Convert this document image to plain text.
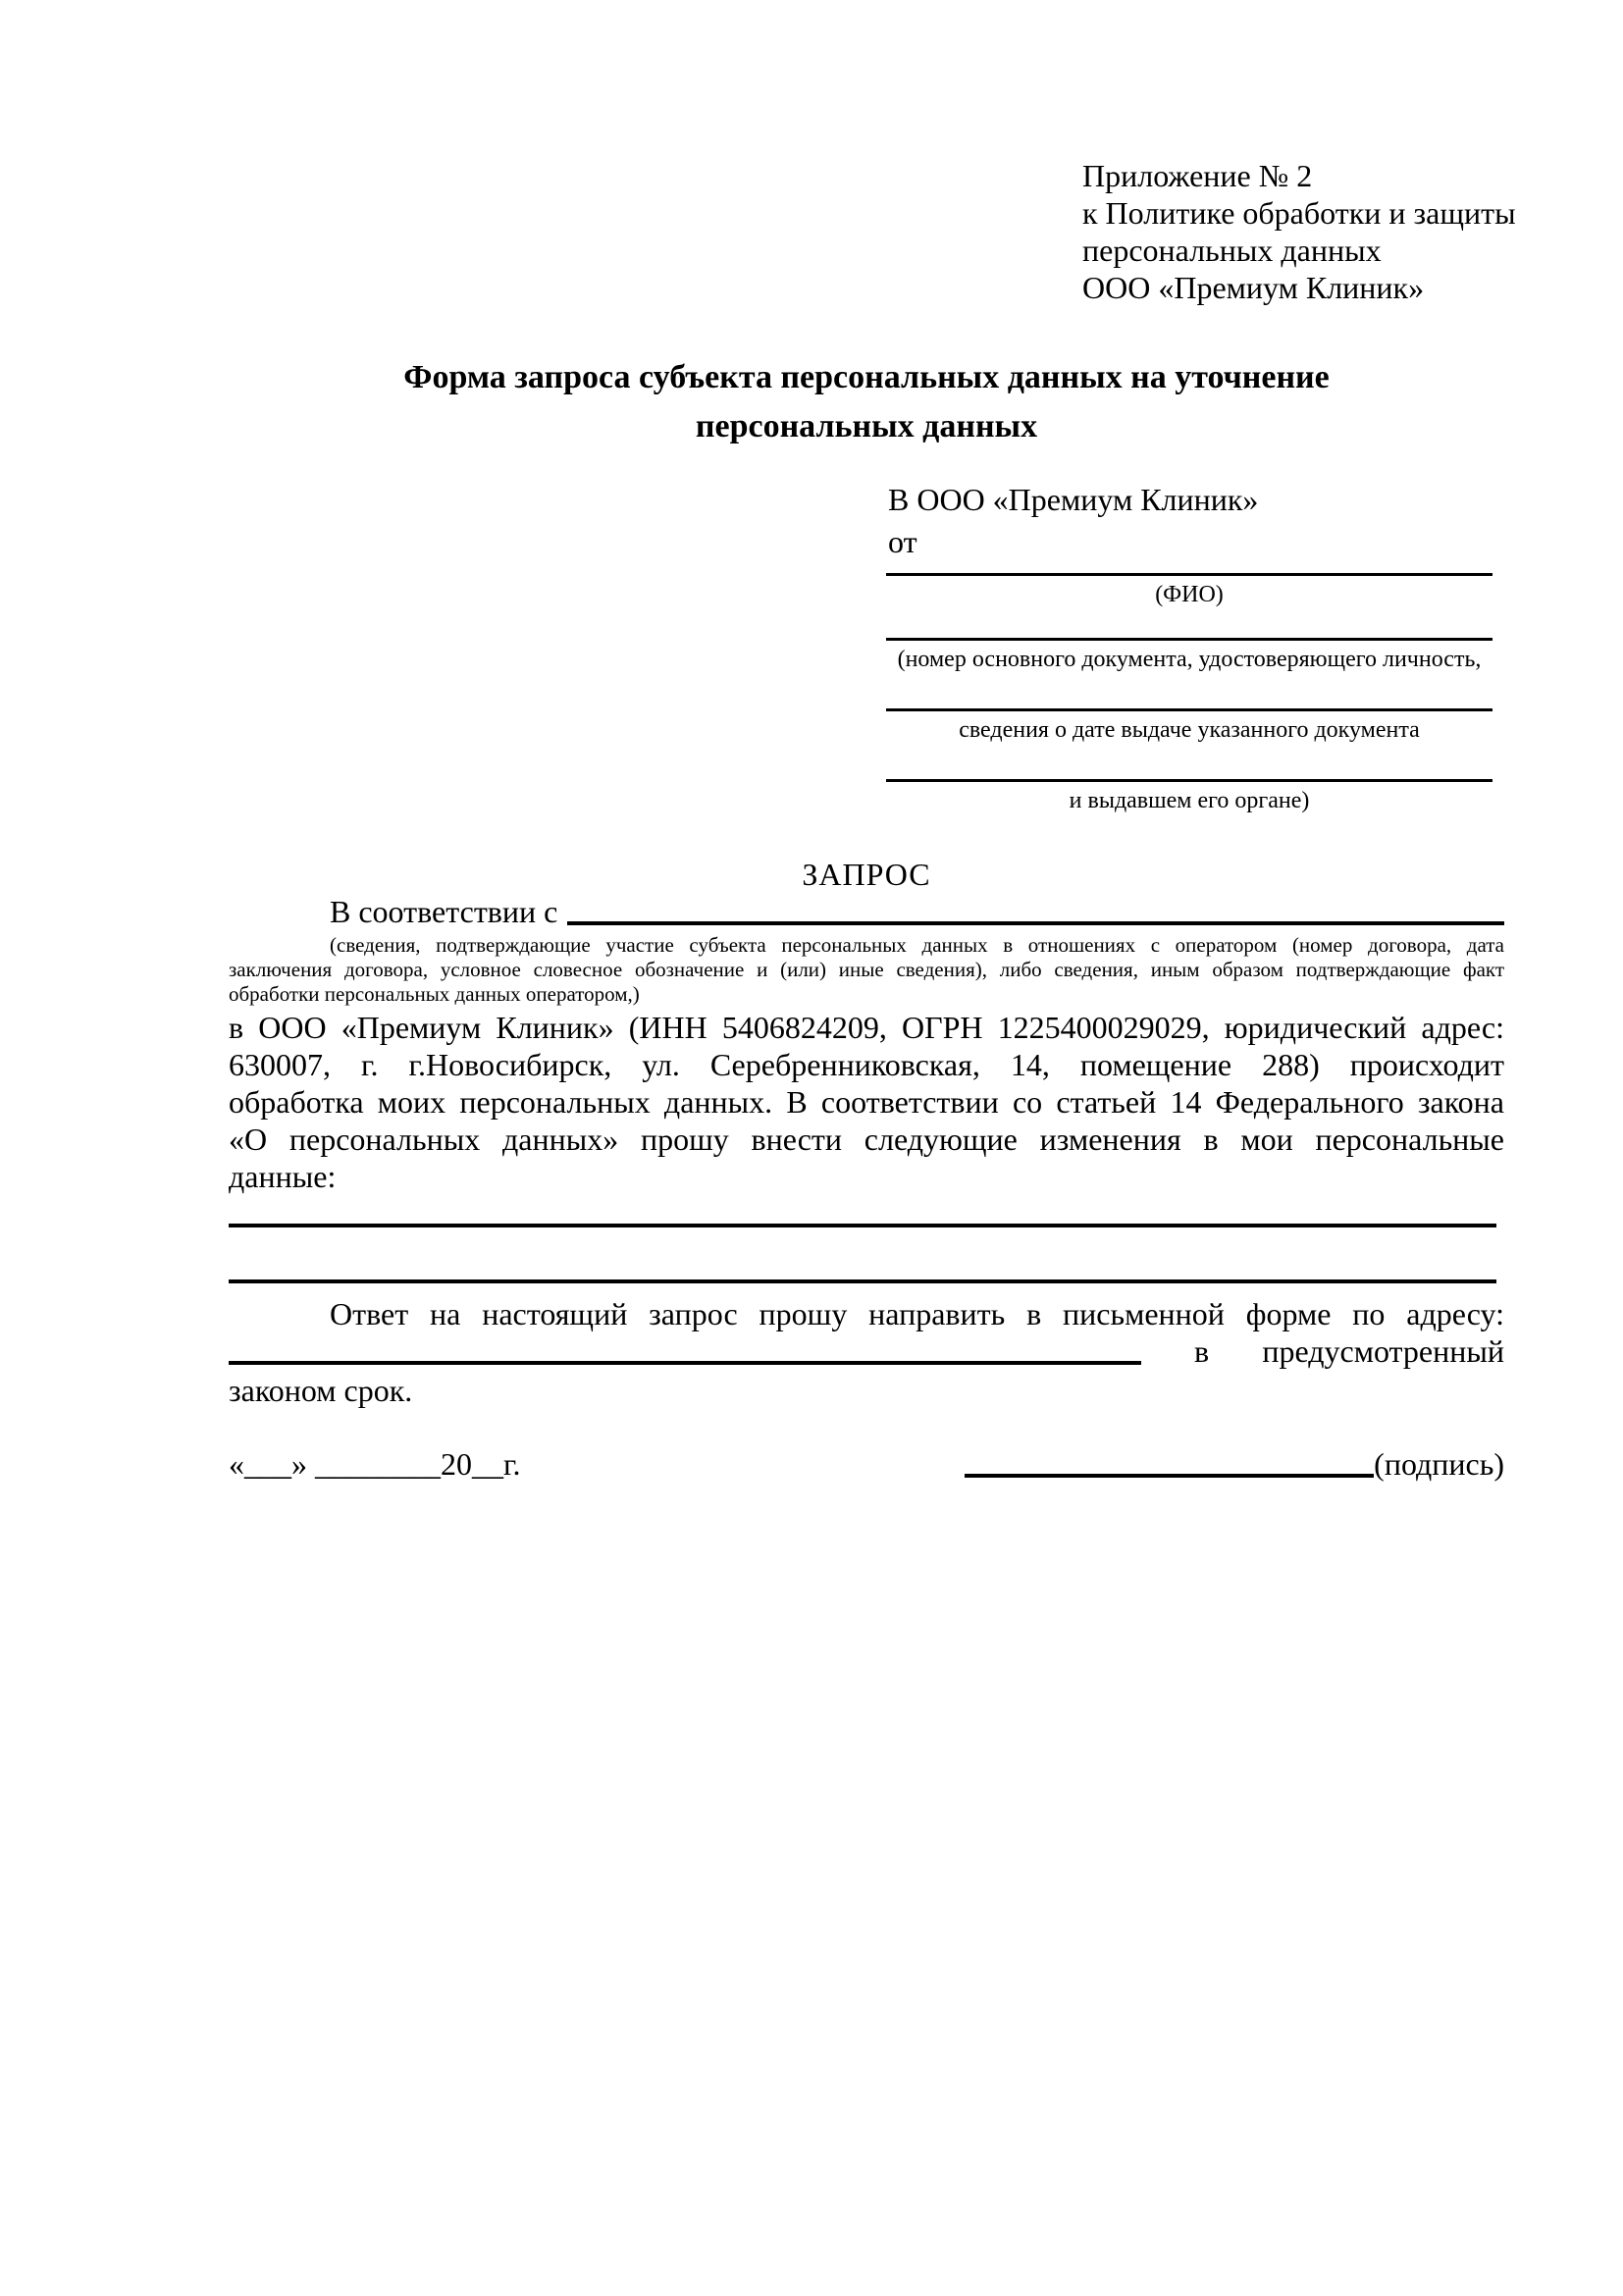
Приложение № 2
к Политике обработки и защиты
персональных данных
ООО «Премиум Клиник»
Форма запроса субъекта персональных данных на уточнение персональных данных
В ООО «Премиум Клиник»
от
(ФИО)
(номер основного документа, удостоверяющего личность,
сведения о дате выдаче указанного документа
и выдавшем его органе)
ЗАПРОС
В соответствии с
(сведения, подтверждающие участие субъекта персональных данных в отношениях с оператором (номер договора, дата
заключения договора, условное словесное обозначение и (или) иные сведения), либо сведения, иным образом подтверждающие факт
обработки персональных данных оператором,)
в ООО «Премиум Клиник» (ИНН 5406824209, ОГРН 1225400029029, юридический адрес:
630007, г. г.Новосибирск, ул. Серебренниковская, 14, помещение 288) происходит
обработка моих персональных данных. В соответствии со статьей 14 Федерального закона
«О персональных данных» прошу внести следующие изменения в мои персональные
данные:
Ответ на настоящий запрос прошу направить в письменной форме по адресу:
в предусмотренный
законом срок.
«___» ________20__г.	(подпись)
